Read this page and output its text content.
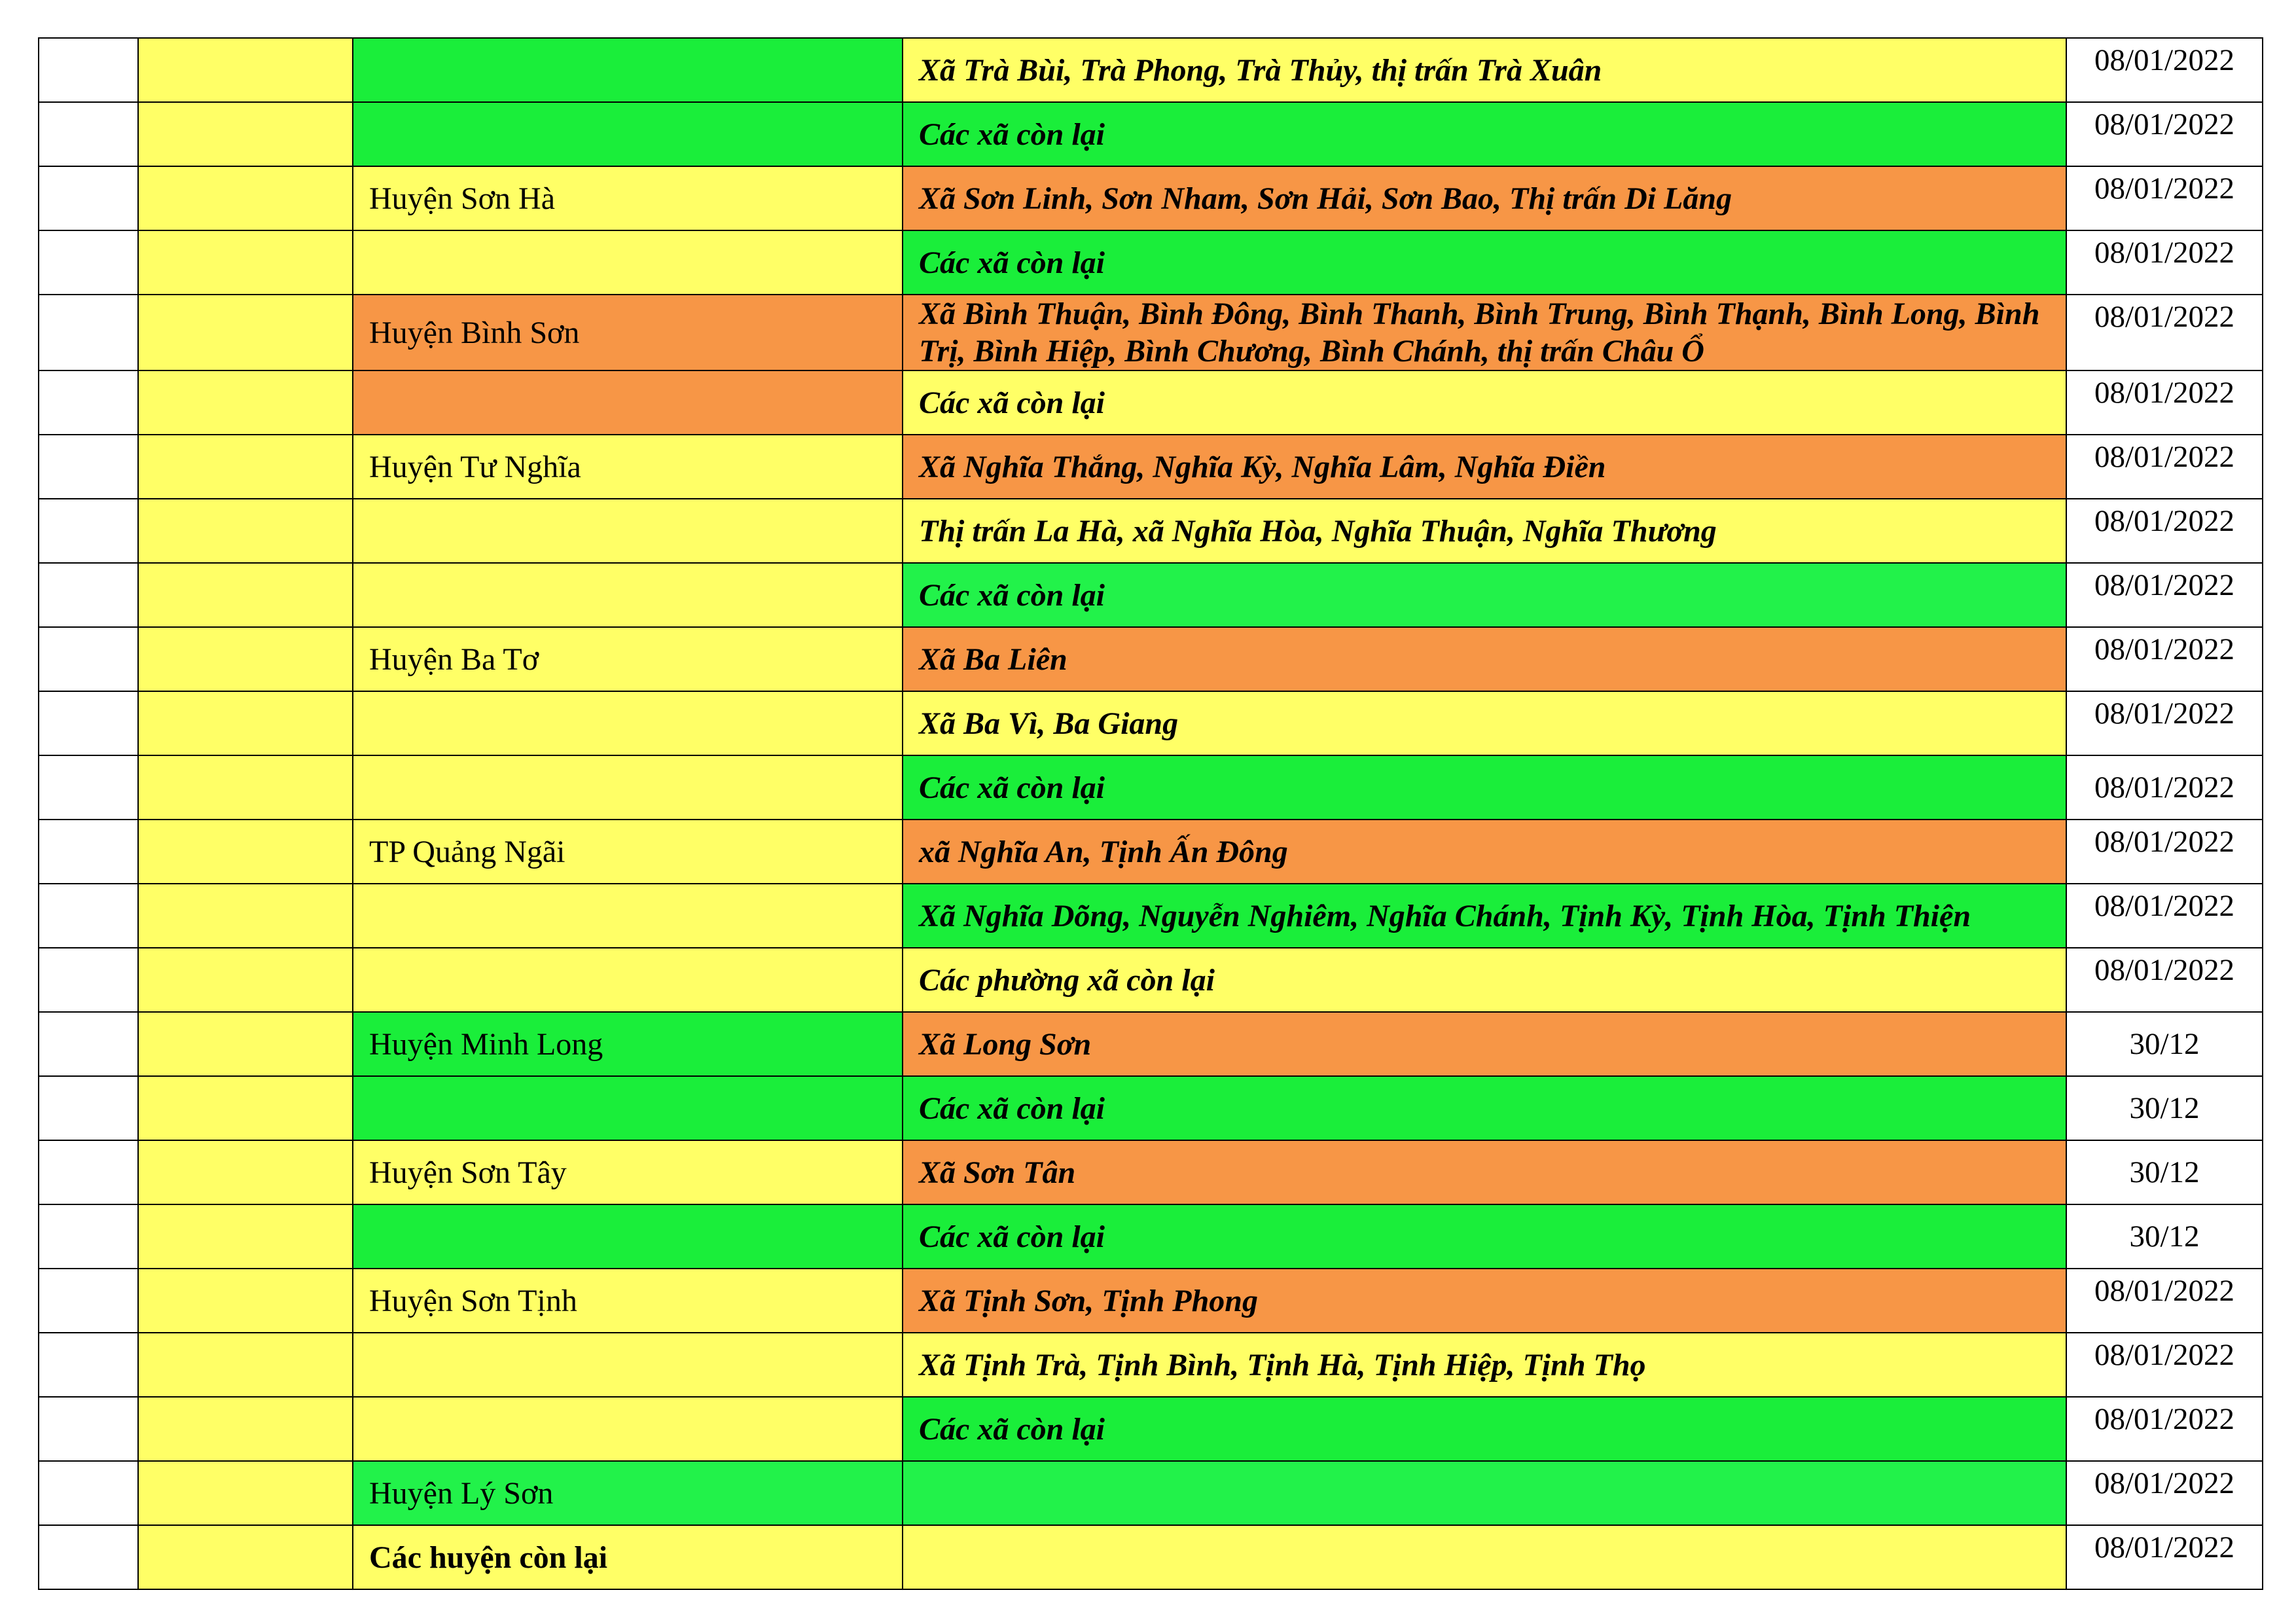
			Xã Trà Bùi, Trà Phong, Trà Thủy, thị trấn Trà Xuân	08/01/2022
			Các xã còn lại	08/01/2022
		Huyện Sơn Hà	Xã Sơn Linh, Sơn Nham, Sơn Hải, Sơn Bao, Thị trấn Di Lăng	08/01/2022
			Các xã còn lại	08/01/2022
		Huyện Bình Sơn	Xã Bình Thuận, Bình Đông, Bình Thanh, Bình Trung, Bình Thạnh, Bình Long, Bình Trị, Bình Hiệp, Bình Chương, Bình Chánh, thị trấn Châu Ổ	08/01/2022
			Các xã còn lại	08/01/2022
		Huyện Tư Nghĩa	Xã Nghĩa Thắng, Nghĩa Kỳ, Nghĩa Lâm, Nghĩa Điền	08/01/2022
			Thị trấn La Hà, xã Nghĩa Hòa, Nghĩa Thuận, Nghĩa Thương	08/01/2022
			Các xã còn lại	08/01/2022
		Huyện Ba Tơ	Xã Ba Liên	08/01/2022
			Xã Ba Vì, Ba Giang	08/01/2022
			Các xã còn lại	08/01/2022
		TP Quảng Ngãi	xã Nghĩa An, Tịnh Ấn Đông	08/01/2022
			Xã Nghĩa Dõng, Nguyễn Nghiêm, Nghĩa Chánh, Tịnh Kỳ, Tịnh Hòa, Tịnh Thiện	08/01/2022
			Các phường xã còn lại	08/01/2022
		Huyện Minh Long	Xã Long Sơn	30/12
			Các xã còn lại	30/12
		Huyện Sơn Tây	Xã Sơn Tân	30/12
			Các xã còn lại	30/12
		Huyện Sơn Tịnh	Xã Tịnh Sơn, Tịnh Phong	08/01/2022
			Xã Tịnh Trà, Tịnh Bình, Tịnh Hà, Tịnh Hiệp, Tịnh Thọ	08/01/2022
			Các xã còn lại	08/01/2022
		Huyện Lý Sơn		08/01/2022
		Các huyện còn lại		08/01/2022
